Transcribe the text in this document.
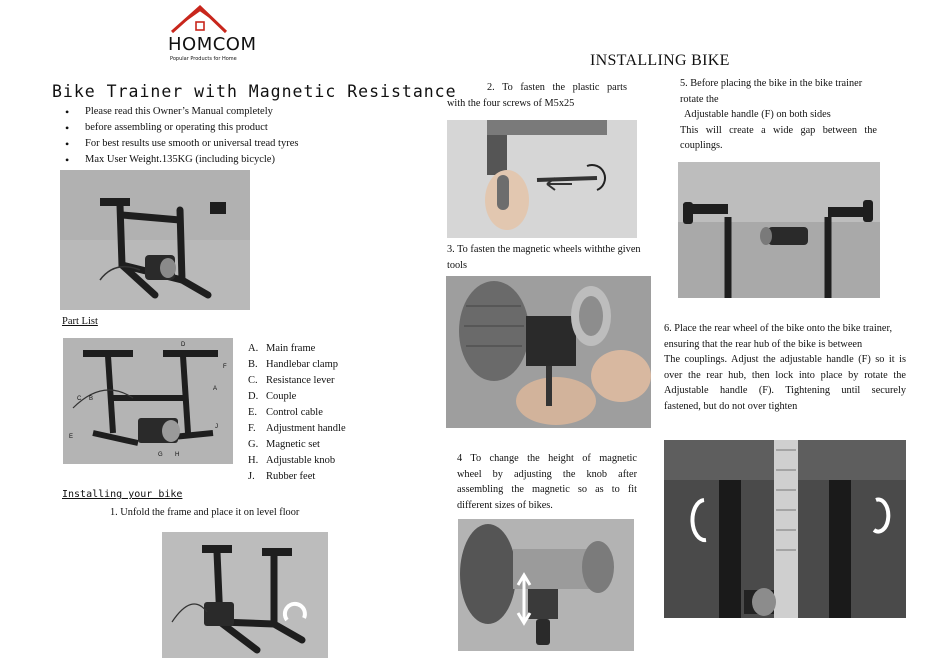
HOMCOM
Popular Products for Home
Bike Trainer with Magnetic Resistance
• Please read this Owner’s Manual completely
• before assembling or operating this product
• For best results use smooth or universal tread tyres
• Max User Weight.135KG (including bicycle)
Part List
D
F
A
C B
E
J
G H
A. Main frame
B. Handlebar clamp
C. Resistance lever
D. Couple
E. Control cable
F. Adjustment handle
G. Magnetic set
H. Adjustable knob
J.	Rubber feet
Installing your bike
1. Unfold the frame and place it on level floor
INSTALLING BIKE
2. To fasten the plastic parts
with the four screws of M5x25
3. To fasten the magnetic wheels withthe given
tools
4 To change the height of magnetic
wheel by adjusting the knob after
assembling the magnetic so as to fit
different sizes of bikes.
5. Before placing the bike in the bike trainer
rotate the
Adjustable handle (F) on both sides
This will create a wide gap between the
couplings.
6. Place the rear wheel of the bike onto the bike trainer,
ensuring that the rear hub of the bike is between
The couplings. Adjust the adjustable handle (F) so it is
over the rear hub, then lock into place by rotate the
Adjustable handle (F). Tightening until securely
fastened, but do not over tighten
